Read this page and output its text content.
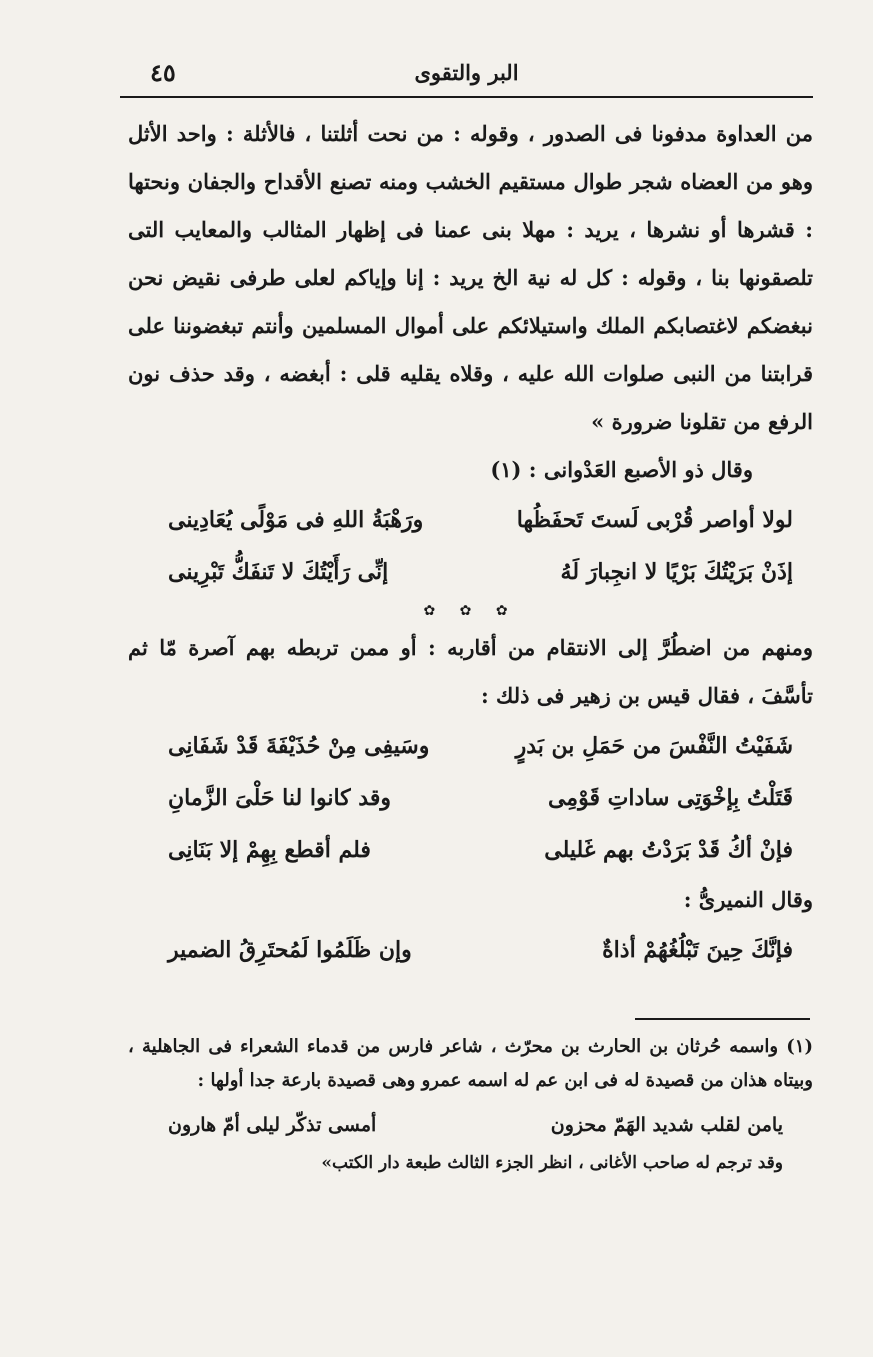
البر والتقوى
٤٥

من العداوة مدفونا فى الصدور ، وقوله : من نحت أثلتنا ، فالأثلة : واحد الأثل وهو من العضاه شجر طوال مستقيم الخشب ومنه تصنع الأقداح والجفان ونحتها : قشرها أو نشرها ، يريد : مهلا بنى عمنا فى إظهار المثالب والمعايب التى تلصقونها بنا ، وقوله : كل له نية الخ يريد : إنا وإياكم لعلى طرفى نقيض نحن نبغضكم لاغتصابكم الملك واستيلائكم على أموال المسلمين وأنتم تبغضوننا على قرابتنا من النبى صلوات الله عليه ، وقلاه يقليه قلى : أبغضه ، وقد حذف نون الرفع من تقلونا ضرورة »

وقال ذو الأصبع العَدْوانى : (١)

لولا أواصر قُرْبى لَستَ تَحفَظُها
ورَهْبَةُ اللهِ فى مَوْلًى يُعَادِينى
إذَنْ بَرَيْتُكَ بَرْيًا لا انجِبارَ لَهُ
إنِّى رَأَيْتُكَ لا تَنفَكُّ تَبْرِينى
✿ ✿ ✿

ومنهم من اضطُرَّ إلى الانتقام من أقاربه : أو ممن تربطه بهم آصرة مّا ثم تأسَّفَ ، فقال قيس بن زهير فى ذلك :

شَفَيْتُ النَّفْسَ من حَمَلِ بن بَدرٍ
وسَيفِى مِنْ حُذَيْفَةَ قَدْ شَفَانِى
قَتَلْتُ بِإخْوَتِى ساداتِ قَوْمِى
وقد كانوا لنا حَلْىَ الزَّمانِ
فإنْ أكُ قَدْ بَرَدْتُ بهم غَليلى
فلم أقطع بِهِمْ إلا بَنَانِى

وقال النميرىُّ :

فإنَّكَ حِينَ تَبْلُغُهُمْ أذاةٌ
وإن ظَلَمُوا لَمُحتَرِقُ الضمير

(١) واسمه حُرثان بن الحارث بن محرّث ، شاعر فارس من قدماء الشعراء فى الجاهلية ، وبيتاه هذان من قصيدة له فى ابن عم له اسمه عمرو وهى قصيدة بارعة جدا أولها :

يامن لقلب شديد الهَمّ محزون
أمسى تذكّر ليلى أمّ هارون

وقد ترجم له صاحب الأغانى ، انظر الجزء الثالث طبعة دار الكتب»
